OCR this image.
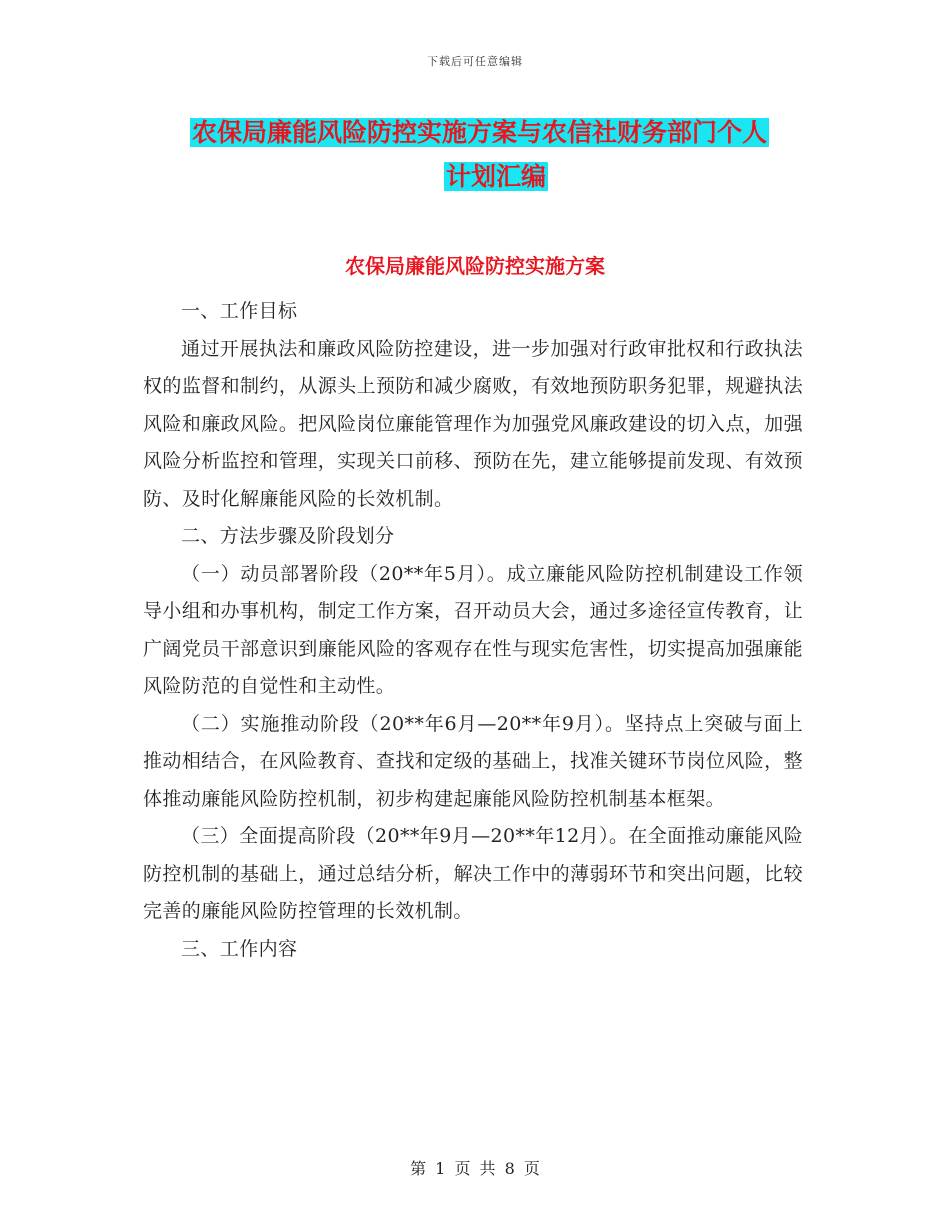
下载后可任意编辑
农保局廉能风险防控实施方案与农信社财务部门个人
计划汇编
农保局廉能风险防控实施方案

一、工作目标

通过开展执法和廉政风险防控建设，进一步加强对行政审批权和行政执法权的监督和制约，从源头上预防和减少腐败，有效地预防职务犯罪，规避执法风险和廉政风险。把风险岗位廉能管理作为加强党风廉政建设的切入点，加强风险分析监控和管理，实现关口前移、预防在先，建立能够提前发现、有效预防、及时化解廉能风险的长效机制。

二、方法步骤及阶段划分

（一）动员部署阶段（20**年5月）。成立廉能风险防控机制建设工作领导小组和办事机构，制定工作方案，召开动员大会，通过多途径宣传教育，让广阔党员干部意识到廉能风险的客观存在性与现实危害性，切实提高加强廉能风险防范的自觉性和主动性。

（二）实施推动阶段（20**年6月—20**年9月）。坚持点上突破与面上推动相结合，在风险教育、查找和定级的基础上，找准关键环节岗位风险，整体推动廉能风险防控机制，初步构建起廉能风险防控机制基本框架。

（三）全面提高阶段（20**年9月—20**年12月）。在全面推动廉能风险防控机制的基础上，通过总结分析，解决工作中的薄弱环节和突出问题，比较完善的廉能风险防控管理的长效机制。

三、工作内容

第 1 页 共 8 页
